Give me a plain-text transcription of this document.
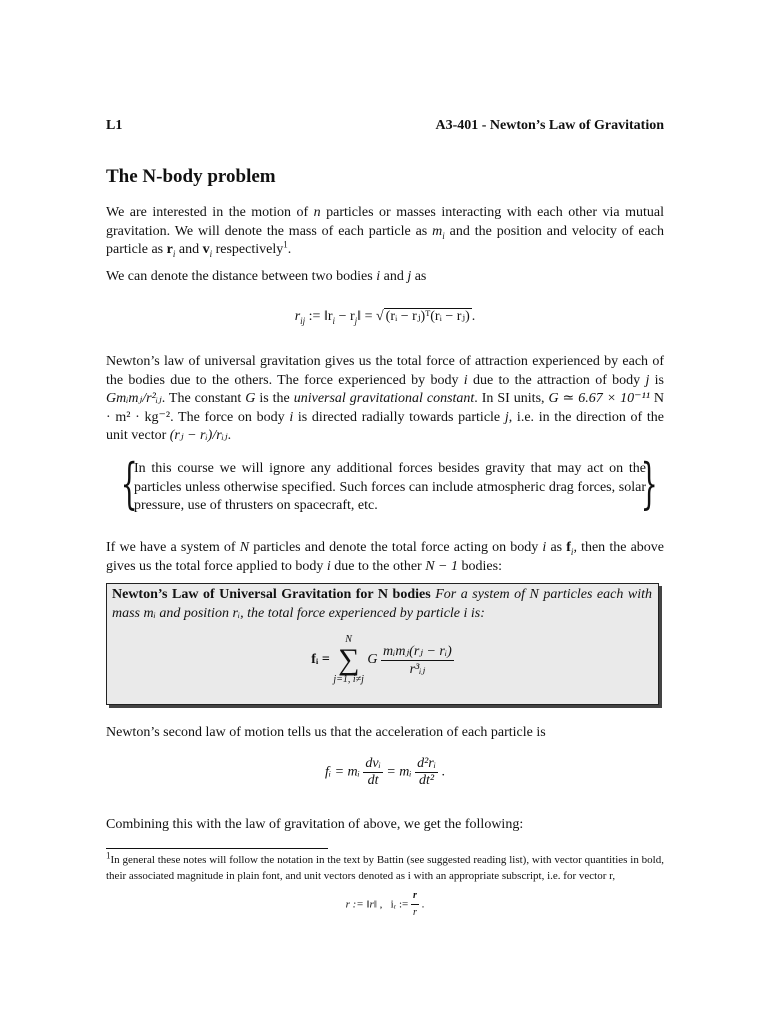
L1	A3-401 - Newton’s Law of Gravitation
The N-body problem
We are interested in the motion of n particles or masses interacting with each other via mutual gravitation. We will denote the mass of each particle as $m_i$ and the position and velocity of each particle as $r_i$ and $v_i$ respectively$^1$.
We can denote the distance between two bodies i and j as
$r_{ij}$ := $‖r_i$ − $r_j‖$ = √ (rᵢ − rⱼ)ᵀ(rᵢ − rⱼ) .
Newton’s law of universal gravitation gives us the total force of attraction experienced by each of the bodies due to the others. The force experienced by body i due to the attraction of body j is Gmᵢmⱼ/r²ᵢⱼ. The constant G is the universal gravitational constant. In SI units, G ≃ 6.67 × 10⁻¹¹ N · m² · kg⁻². The force on body i is directed radially towards particle j, i.e. in the direction of the unit vector (rⱼ − rᵢ)/rᵢⱼ.
{
In this course we will ignore any additional forces besides gravity that may act on the particles unless otherwise specified. Such forces can include atmospheric drag forces, solar pressure, use of thrusters on spacecraft, etc.	}
If we have a system of N particles and denote the total force acting on body i as $f_i$, then the above gives us the total force applied to body i due to the other N − 1 bodies:
Newton’s Law of Universal Gravitation for N bodies For a system of N particles each with mass mᵢ and position rᵢ, the total force experienced by particle i is:
fᵢ =
N
∑
j=1, i≠j
G $\frac{\text{mᵢmⱼ(rⱼ − rᵢ)}}{\text{r³ᵢⱼ}}$
Newton’s second law of motion tells us that the acceleration of each particle is
fᵢ = mᵢ $\frac{\text{dvᵢ}}{dt}$ = mᵢ $\frac{\text{d²rᵢ}}{\text{dt²}}$ .
Combining this with the law of gravitation of above, we get the following:
$^1$In general these notes will follow the notation in the text by Battin (see suggested reading list), with vector quantities in bold, their associated magnitude in plain font, and unit vectors denoted as i with an appropriate subscript, i.e. for vector r,
r := ‖r‖ , iᵣ := $\frac{r}{r}$ .
